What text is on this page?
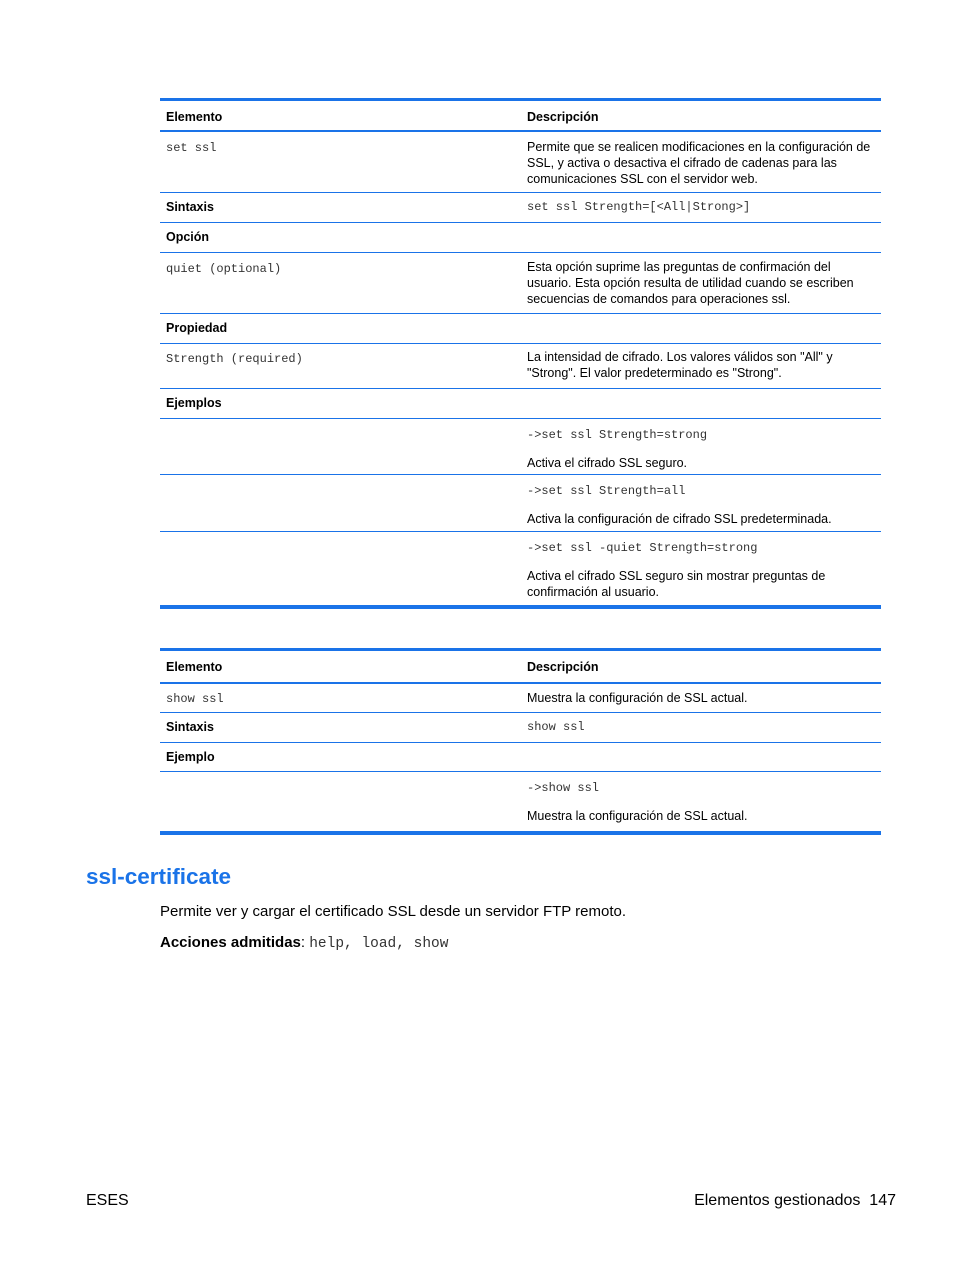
Elemento	Descripción
set ssl	Permite que se realicen modificaciones en la configuración de SSL, y activa o desactiva el cifrado de cadenas para las comunicaciones SSL con el servidor web.
Sintaxis	set ssl Strength=[<All|Strong>]
Opción	
quiet (optional)	Esta opción suprime las preguntas de confirmación del usuario. Esta opción resulta de utilidad cuando se escriben secuencias de comandos para operaciones ssl.
Propiedad	
Strength (required)	La intensidad de cifrado. Los valores válidos son "All" y "Strong". El valor predeterminado es "Strong".
Ejemplos	
	->set ssl Strength=strong
Activa el cifrado SSL seguro.
	->set ssl Strength=all
Activa la configuración de cifrado SSL predeterminada.
	->set ssl -quiet Strength=strong
Activa el cifrado SSL seguro sin mostrar preguntas de confirmación al usuario.
Elemento	Descripción
show ssl	Muestra la configuración de SSL actual.
Sintaxis	show ssl
Ejemplo	
	->show ssl
Muestra la configuración de SSL actual.
ssl-certificate

Permite ver y cargar el certificado SSL desde un servidor FTP remoto.

Acciones admitidas: help, load, show

ESES	Elementos gestionados 147
